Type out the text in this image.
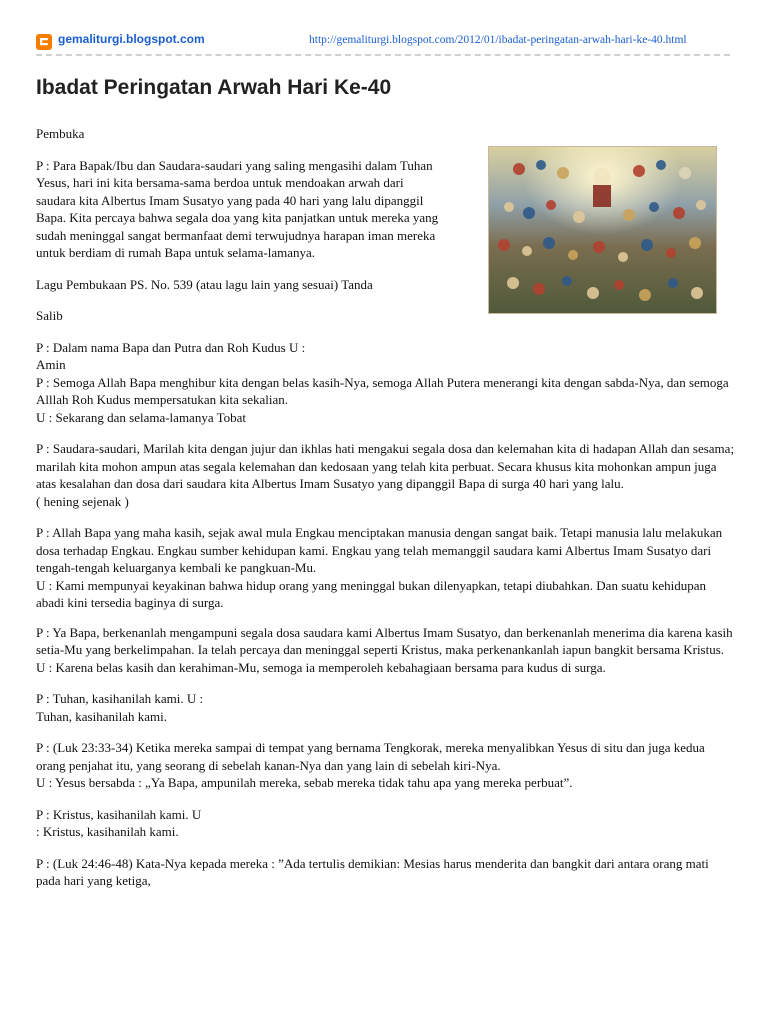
gemaliturgi.blogspot.com	http://gemaliturgi.blogspot.com/2012/01/ibadat-peringatan-arwah-hari-ke-40.html
Ibadat Peringatan Arwah Hari Ke-40

Pembuka

P : Para Bapak/Ibu dan Saudara-saudari yang saling mengasihi dalam Tuhan Yesus, hari ini kita bersama-sama berdoa untuk mendoakan arwah dari saudara kita Albertus Imam Susatyo yang pada 40 hari yang lalu dipanggil Bapa. Kita percaya bahwa segala doa yang kita panjatkan untuk mereka yang sudah meninggal sangat bermanfaat demi terwujudnya harapan iman mereka untuk berdiam di rumah Bapa untuk selama-lamanya.

Lagu Pembukaan PS. No. 539 (atau lagu lain yang sesuai) Tanda

Salib

P : Dalam nama Bapa dan Putra dan Roh Kudus U :
Amin
P : Semoga Allah Bapa menghibur kita dengan belas kasih-Nya, semoga Allah Putera menerangi kita dengan sabda-Nya, dan semoga Alllah Roh Kudus mempersatukan kita sekalian.
U : Sekarang dan selama-lamanya Tobat

P : Saudara-saudari, Marilah kita dengan jujur dan ikhlas hati mengakui segala dosa dan kelemahan kita di hadapan Allah dan sesama; marilah kita mohon ampun atas segala kelemahan dan kedosaan yang telah kita perbuat. Secara khusus kita mohonkan ampun juga atas kesalahan dan dosa dari saudara kita Albertus Imam Susatyo yang dipanggil Bapa di surga 40 hari yang lalu.
( hening sejenak )

P : Allah Bapa yang maha kasih, sejak awal mula Engkau menciptakan manusia dengan sangat baik. Tetapi manusia lalu melakukan dosa terhadap Engkau. Engkau sumber kehidupan kami. Engkau yang telah memanggil saudara kami Albertus Imam Susatyo dari tengah-tengah keluarganya kembali ke pangkuan-Mu.
U : Kami mempunyai keyakinan bahwa hidup orang yang meninggal bukan dilenyapkan, tetapi diubahkan. Dan suatu kehidupan abadi kini tersedia baginya di surga.

P : Ya Bapa, berkenanlah mengampuni segala dosa saudara kami Albertus Imam Susatyo, dan berkenanlah menerima dia karena kasih setia-Mu yang berkelimpahan. Ia telah percaya dan meninggal seperti Kristus, maka perkenankanlah iapun bangkit bersama Kristus.
U : Karena belas kasih dan kerahiman-Mu, semoga ia memperoleh kebahagiaan bersama para kudus di surga.

P : Tuhan, kasihanilah kami. U :
Tuhan, kasihanilah kami.

P : (Luk 23:33-34) Ketika mereka sampai di tempat yang bernama Tengkorak, mereka menyalibkan Yesus di situ dan juga kedua orang penjahat itu, yang seorang di sebelah kanan-Nya dan yang lain di sebelah kiri-Nya.
U : Yesus bersabda : „Ya Bapa, ampunilah mereka, sebab mereka tidak tahu apa yang mereka perbuat”.

P : Kristus, kasihanilah kami. U
: Kristus, kasihanilah kami.

P : (Luk 24:46-48) Kata-Nya kepada mereka : ”Ada tertulis demikian: Mesias harus menderita dan bangkit dari antara orang mati pada hari yang ketiga,
